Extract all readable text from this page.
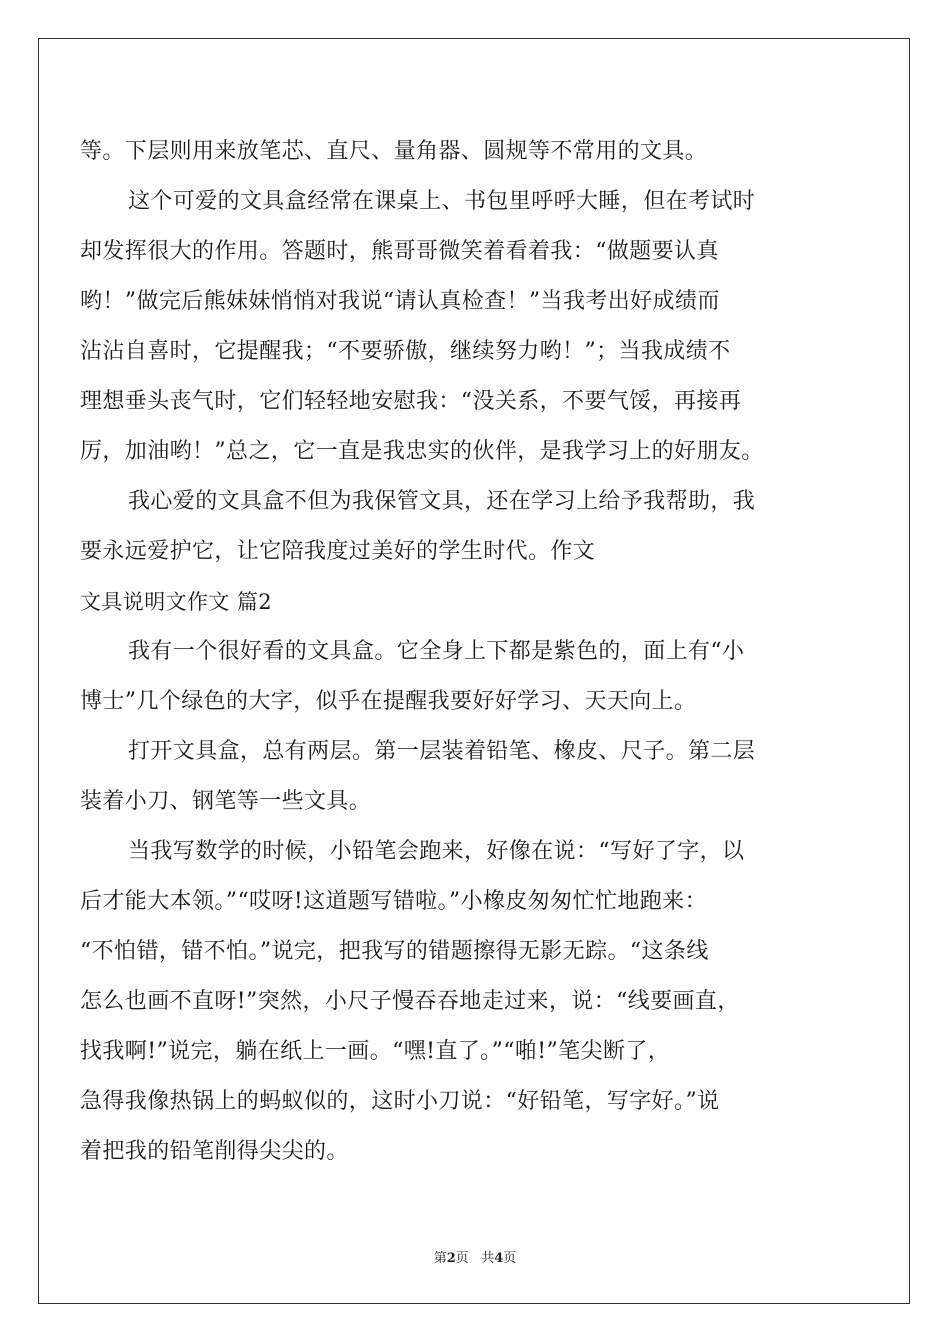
等。下层则用来放笔芯、直尺、量角器、圆规等不常用的文具。
这个可爱的文具盒经常在课桌上、书包里呼呼大睡，但在考试时
却发挥很大的作用。答题时，熊哥哥微笑着看着我：“做题要认真
哟！”做完后熊妹妹悄悄对我说“请认真检查！”当我考出好成绩而
沾沾自喜时，它提醒我；“不要骄傲，继续努力哟！”；当我成绩不
理想垂头丧气时，它们轻轻地安慰我：“没关系，不要气馁，再接再
厉，加油哟！”总之，它一直是我忠实的伙伴，是我学习上的好朋友。
我心爱的文具盒不但为我保管文具，还在学习上给予我帮助，我
要永远爱护它，让它陪我度过美好的学生时代。作文
文具说明文作文 篇2
我有一个很好看的文具盒。它全身上下都是紫色的，面上有“小
博士”几个绿色的大字，似乎在提醒我要好好学习、天天向上。
打开文具盒，总有两层。第一层装着铅笔、橡皮、尺子。第二层
装着小刀、钢笔等一些文具。
当我写数学的时候，小铅笔会跑来，好像在说：“写好了字，以
后才能大本领。”“哎呀!这道题写错啦。”小橡皮匆匆忙忙地跑来：
“不怕错，错不怕。”说完，把我写的错题擦得无影无踪。“这条线
怎么也画不直呀!”突然，小尺子慢吞吞地走过来，说：“线要画直，
找我啊!”说完，躺在纸上一画。“嘿!直了。”“啪!”笔尖断了，
急得我像热锅上的蚂蚁似的，这时小刀说：“好铅笔，写字好。”说
着把我的铅笔削得尖尖的。
第2页 共4页
